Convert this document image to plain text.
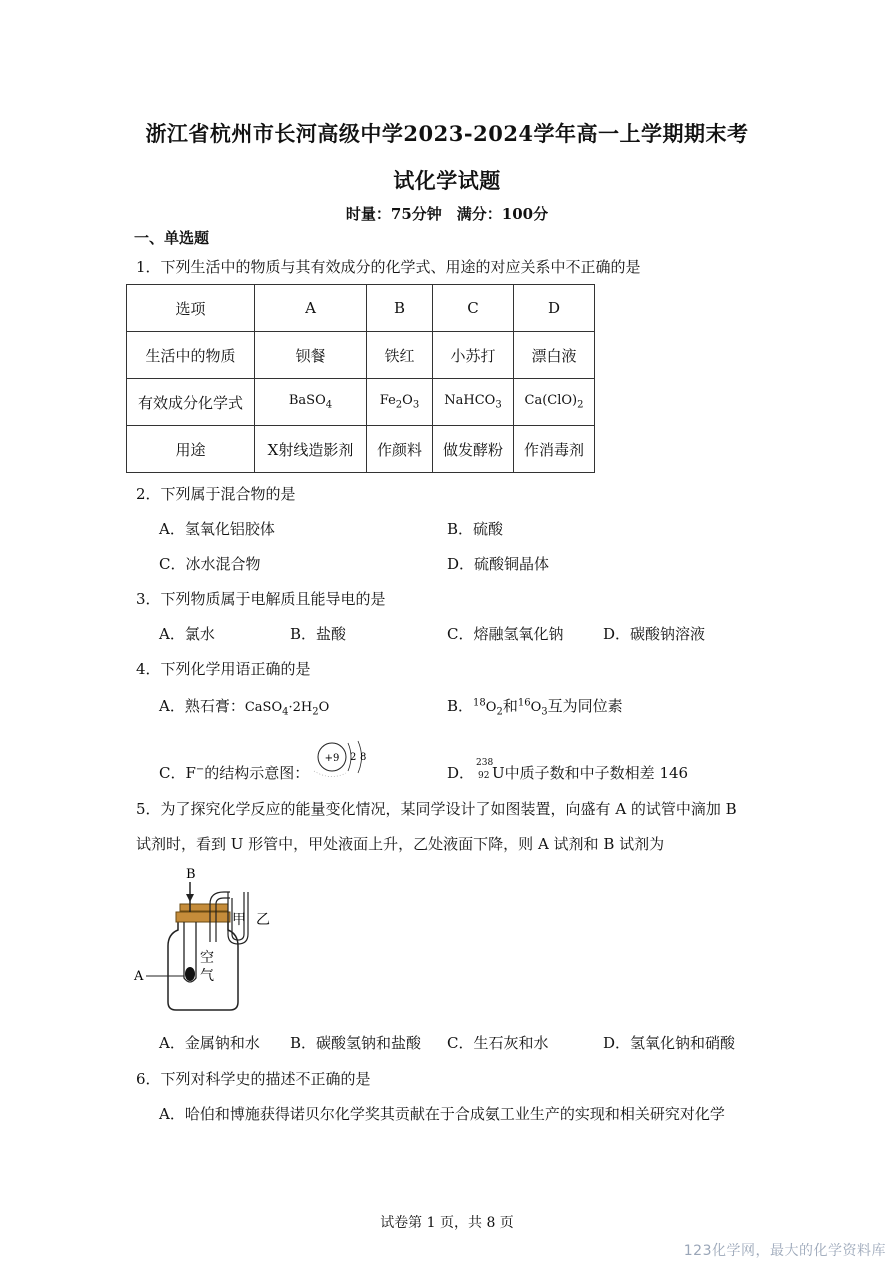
浙江省杭州市长河高级中学2023-2024学年高一上学期期末考
试化学试题
时量：75分钟　满分：100分
一、单选题
1．下列生活中的物质与其有效成分的化学式、用途的对应关系中不正确的是
选项	A	B	C	D
生活中的物质	钡餐	铁红	小苏打	漂白液
有效成分化学式	BaSO$_4$	$Fe_2O_3$	NaHCO$_3$	$Ca(ClO)_2$
用途	X射线造影剂	作颜料	做发酵粉	作消毒剂
2．下列属于混合物的是
A．氢氧化铝胶体	B．硫酸
C．冰水混合物	D．硫酸铜晶体
3．下列物质属于电解质且能导电的是
A．氯水	B．盐酸	C．熔融氢氧化钠	D．碳酸钠溶液
4．下列化学用语正确的是
A．熟石膏：$CaSO_4\cdot 2H_2O$	B．$^{18}O_2$和$^{16}O_3$互为同位素
C．F−的结构示意图：
+9 2 8
D．
238
92 U中质子数和中子数相差 146
5．为了探究化学反应的能量变化情况，某同学设计了如图装置，向盛有 A 的试管中滴加 B
试剂时，看到 U 形管中，甲处液面上升，乙处液面下降，则 A 试剂和 B 试剂为
A
B
甲 乙
空
气
A．金属钠和水 B．碳酸氢钠和盐酸 C．生石灰和水	D．氢氧化钠和硝酸
6．下列对科学史的描述不正确的是
A．哈伯和博施获得诺贝尔化学奖其贡献在于合成氨工业生产的实现和相关研究对化学
试卷第 1 页，共 8 页
123化学网，最大的化学资料库
